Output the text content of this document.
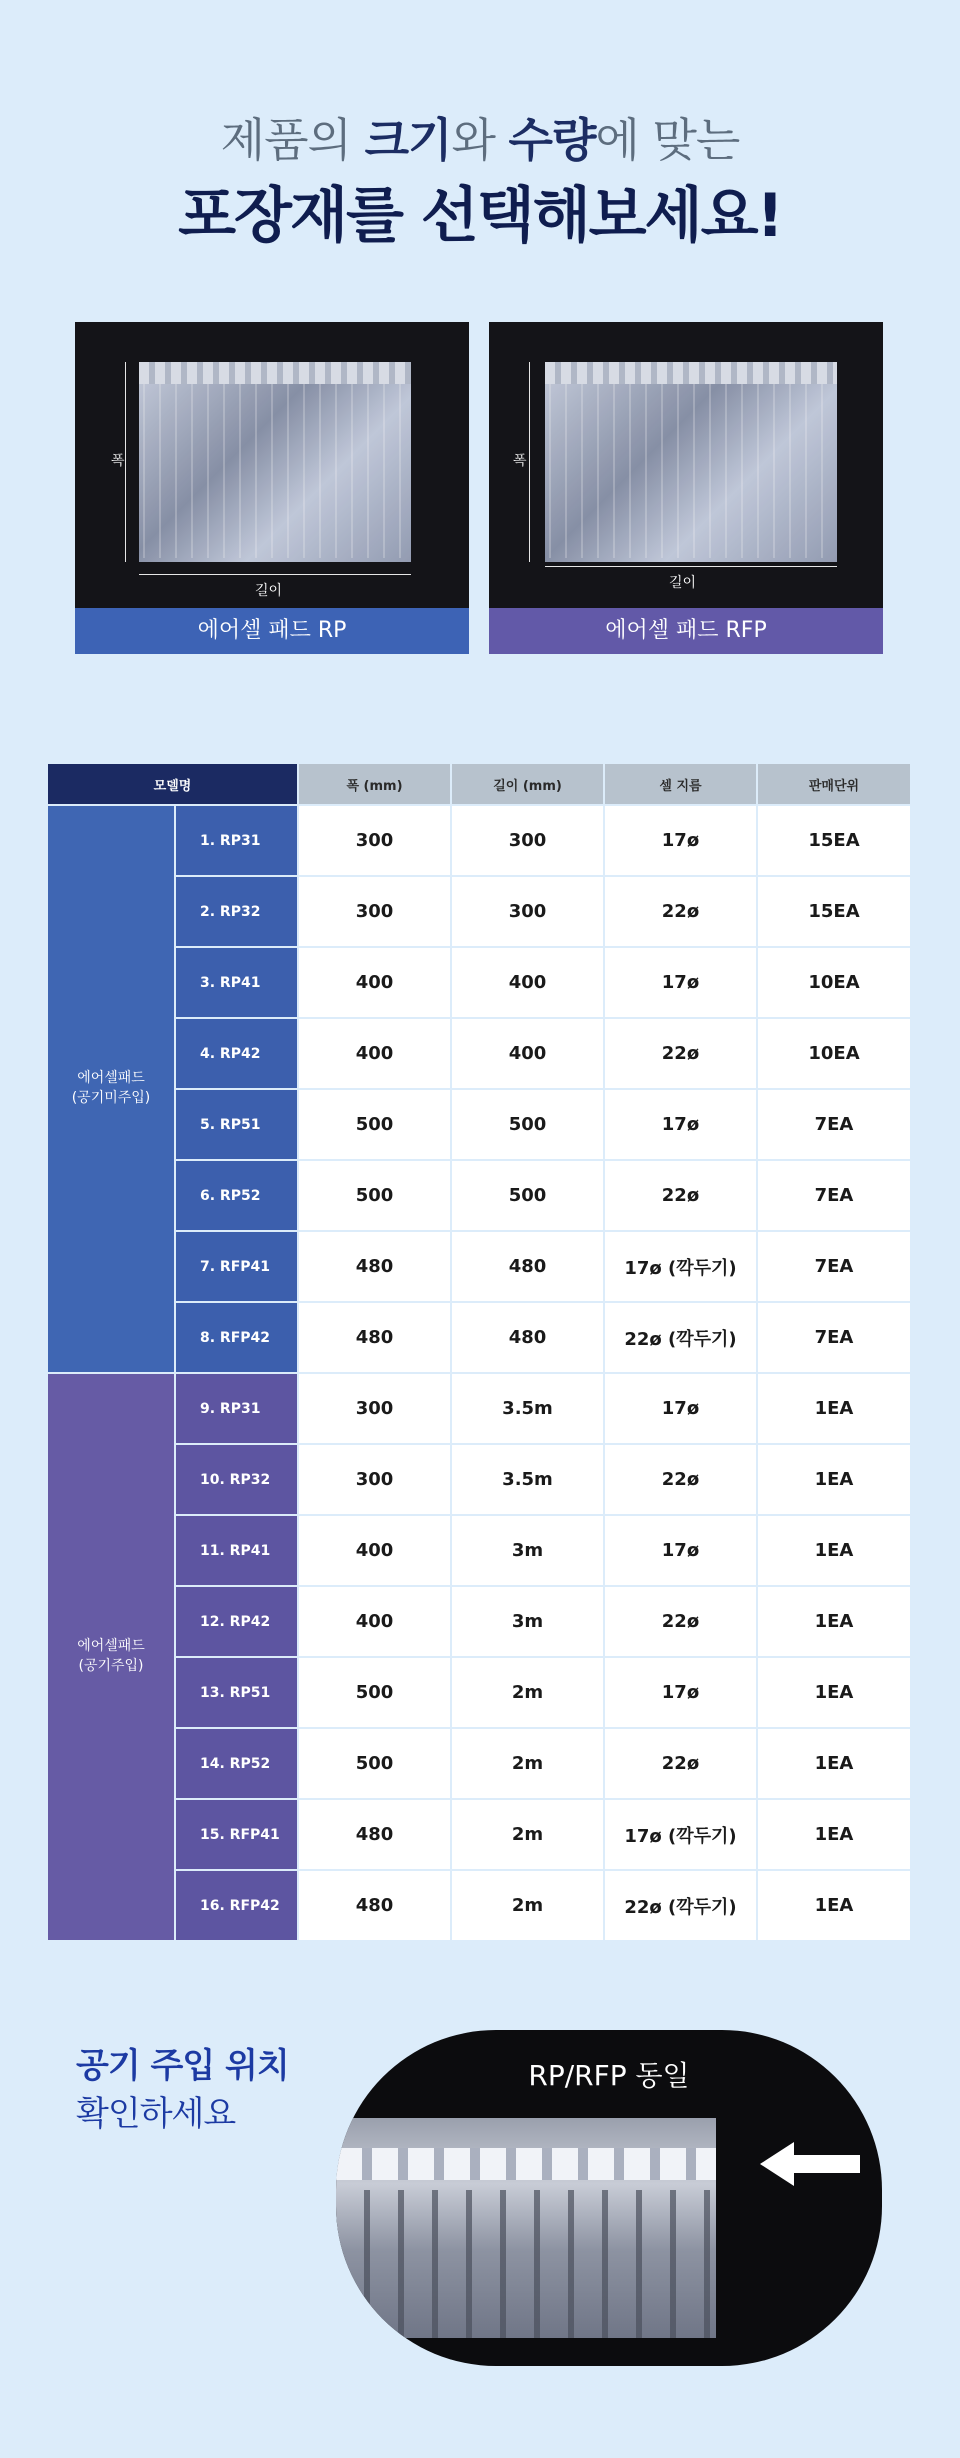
제품의 크기와 수량에 맞는
포장재를 선택해보세요!
폭
길이
에어셀 패드 RP
폭
길이
에어셀 패드 RFP
모델명		폭 (mm)	길이 (mm)	셀 지름	판매단위

에어셀패드
(공기미주입)	1. RP31	300	300	17ø	15EA
	2. RP32	300	300	22ø	15EA
	3. RP41	400	400	17ø	10EA
	4. RP42	400	400	22ø	10EA
	5. RP51	500	500	17ø	7EA
	6. RP52	500	500	22ø	7EA
	7. RFP41	480	480	17ø (깍두기)	7EA
	8. RFP42	480	480	22ø (깍두기)	7EA

에어셀패드
(공기주입)	9. RP31	300	3.5m	17ø	1EA
	10. RP32	300	3.5m	22ø	1EA
	11. RP41	400	3m	17ø	1EA
	12. RP42	400	3m	22ø	1EA
	13. RP51	500	2m	17ø	1EA
	14. RP52	500	2m	22ø	1EA
	15. RFP41	480	2m	17ø (깍두기)	1EA
	16. RFP42	480	2m	22ø (깍두기)	1EA
공기 주입 위치
확인하세요
RP/RFP 동일
